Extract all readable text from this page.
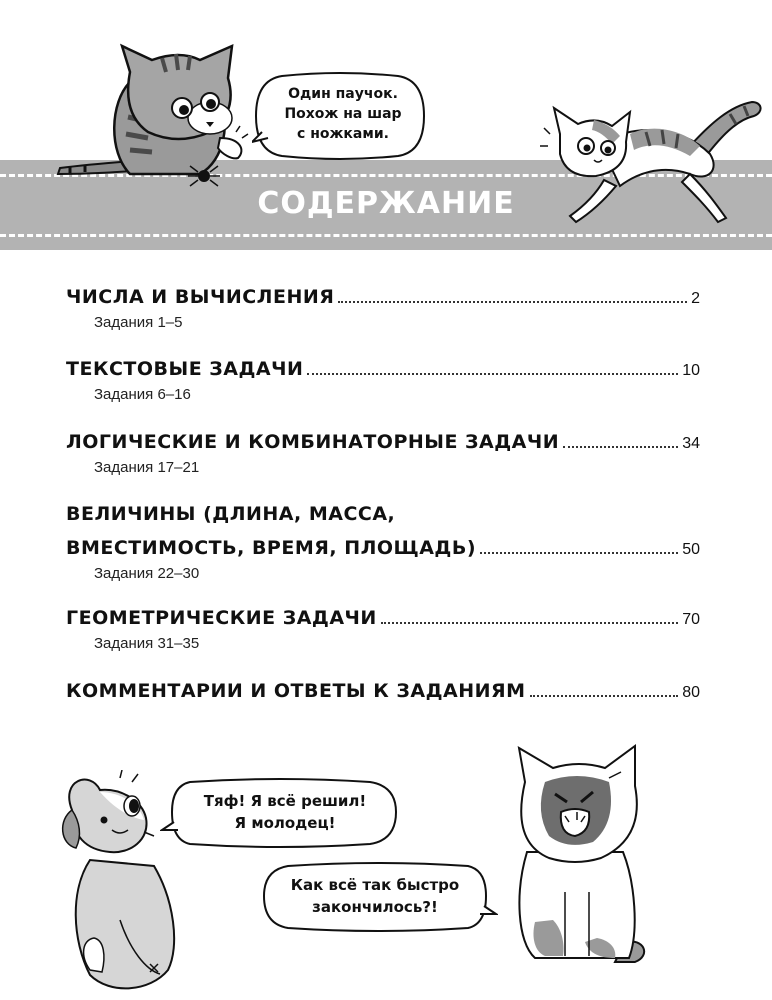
СОДЕРЖАНИЕ
Один паучок.
Похож на шар
с ножками.
ЧИСЛА И ВЫЧИСЛЕНИЯ	2
Задания 1–5
ТЕКСТОВЫЕ ЗАДАЧИ	10
Задания 6–16
ЛОГИЧЕСКИЕ И КОМБИНАТОРНЫЕ ЗАДАЧИ	34
Задания 17–21
ВЕЛИЧИНЫ (ДЛИНА, МАССА,
ВМЕСТИМОСТЬ, ВРЕМЯ, ПЛОЩАДЬ)	50
Задания 22–30
ГЕОМЕТРИЧЕСКИЕ ЗАДАЧИ	70
Задания 31–35
КОММЕНТАРИИ И ОТВЕТЫ К ЗАДАНИЯМ	80
Тяф! Я всё решил!
Я молодец!
Как всё так быстро
закончилось?!
